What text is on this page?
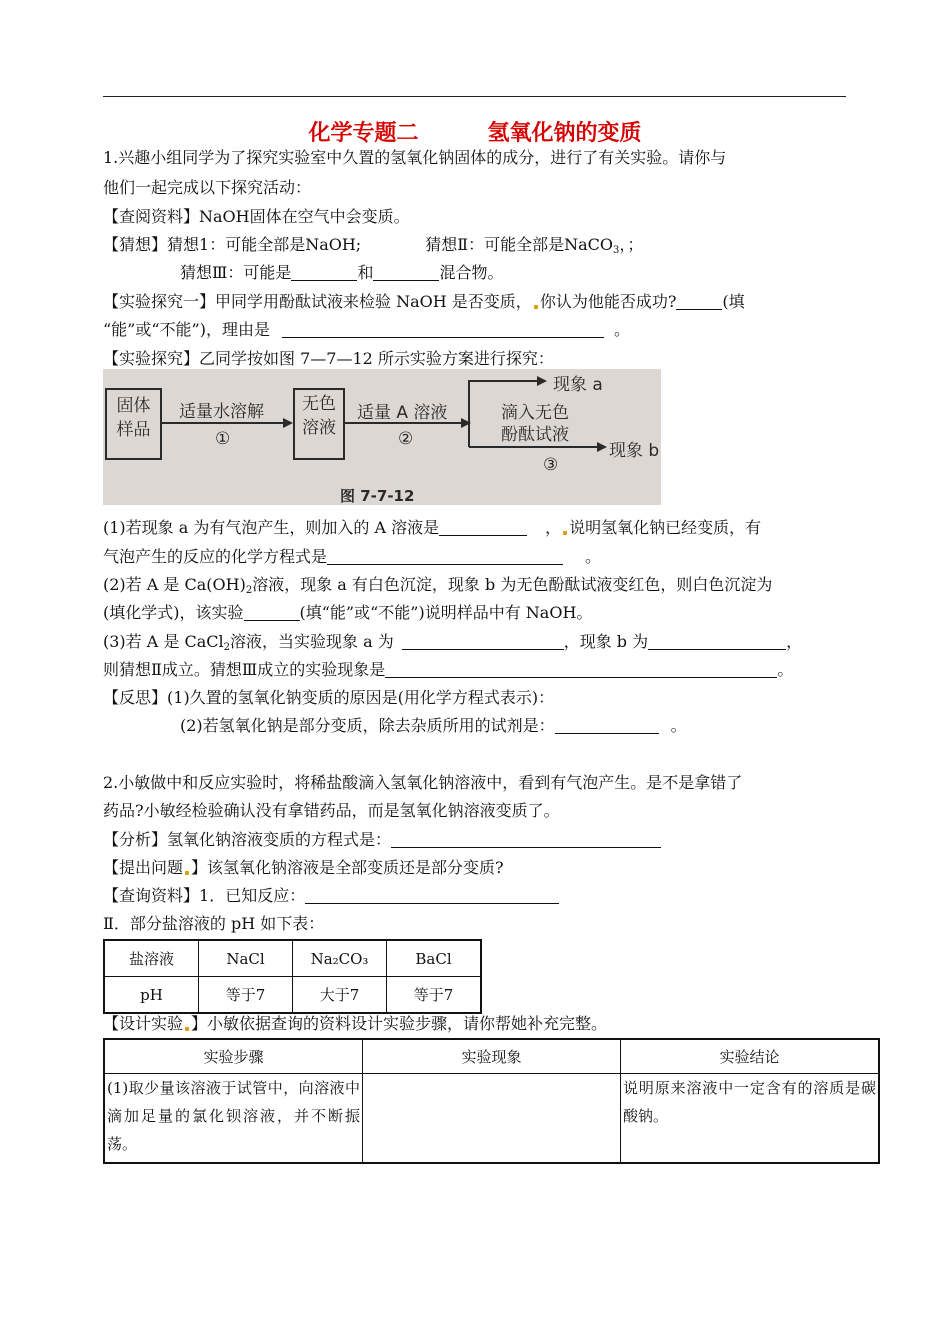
化学专题二         氢氧化钠的变质
1.兴趣小组同学为了探究实验室中久置的氢氧化钠固体的成分，进行了有关实验。请你与
他们一起完成以下探究活动：
【查阅资料】NaOH固体在空气中会变质。
【猜想】猜想1：可能全部是NaOH;	猜想Ⅱ：可能全部是NaCO$_3$，；
猜想Ⅲ：可能是	和	混合物。
【实验探究一】甲同学用酚酞试液来检验 NaOH 是否变质， 你认为他能否成功?	(填
“能”或“不能”)，理由是	。
【实验探究】乙同学按如图 7—7—12 所示实验方案进行探究：
固体
样品
适量水溶解
①
无色
溶液
适量 A 溶液
②
滴入无色
酚酞试液
③
现象 a
现象 b
图 7-7-12
(1)若现象 a 为有气泡产生，则加入的 A 溶液是	， 说明氢氧化钠已经变质，有
气泡产生的反应的化学方程式是	。
(2)若 A 是 $Ca(OH)_2$溶液，现象 a 有白色沉淀，现象 b 为无色酚酞试液变红色，则白色沉淀为
(填化学式)，该实验	(填“能”或“不能”)说明样品中有 NaOH。
(3)若 A 是 CaCl$_2$溶液，当实验现象 a 为	，现象 b 为	，
则猜想Ⅱ成立。猜想Ⅲ成立的实验现象是	。
【反思】(1)久置的氢氧化钠变质的原因是(用化学方程式表示)：
(2)若氢氧化钠是部分变质，除去杂质所用的试剂是：	。
2.小敏做中和反应实验时，将稀盐酸滴入氢氧化钠溶液中，看到有气泡产生。是不是拿错了
药品?小敏经检验确认没有拿错药品，而是氢氧化钠溶液变质了。
【分析】氢氧化钠溶液变质的方程式是：
【提出问题 】该氢氧化钠溶液是全部变质还是部分变质?
【查询资料】1．已知反应：
Ⅱ．部分盐溶液的 pH 如下表：
盐溶液	NaCl	Na₂CO₃	BaCl
pH	等于7	大于7	等于7
【设计实验 】小敏依据查询的资料设计实验步骤，请你帮她补充完整。
实验步骤	实验现象	实验结论
(1)取少量该溶液于试管中，向溶液中滴加足量的氯化钡溶液，并不断振荡。		说明原来溶液中一定含有的溶质是碳酸钠。
